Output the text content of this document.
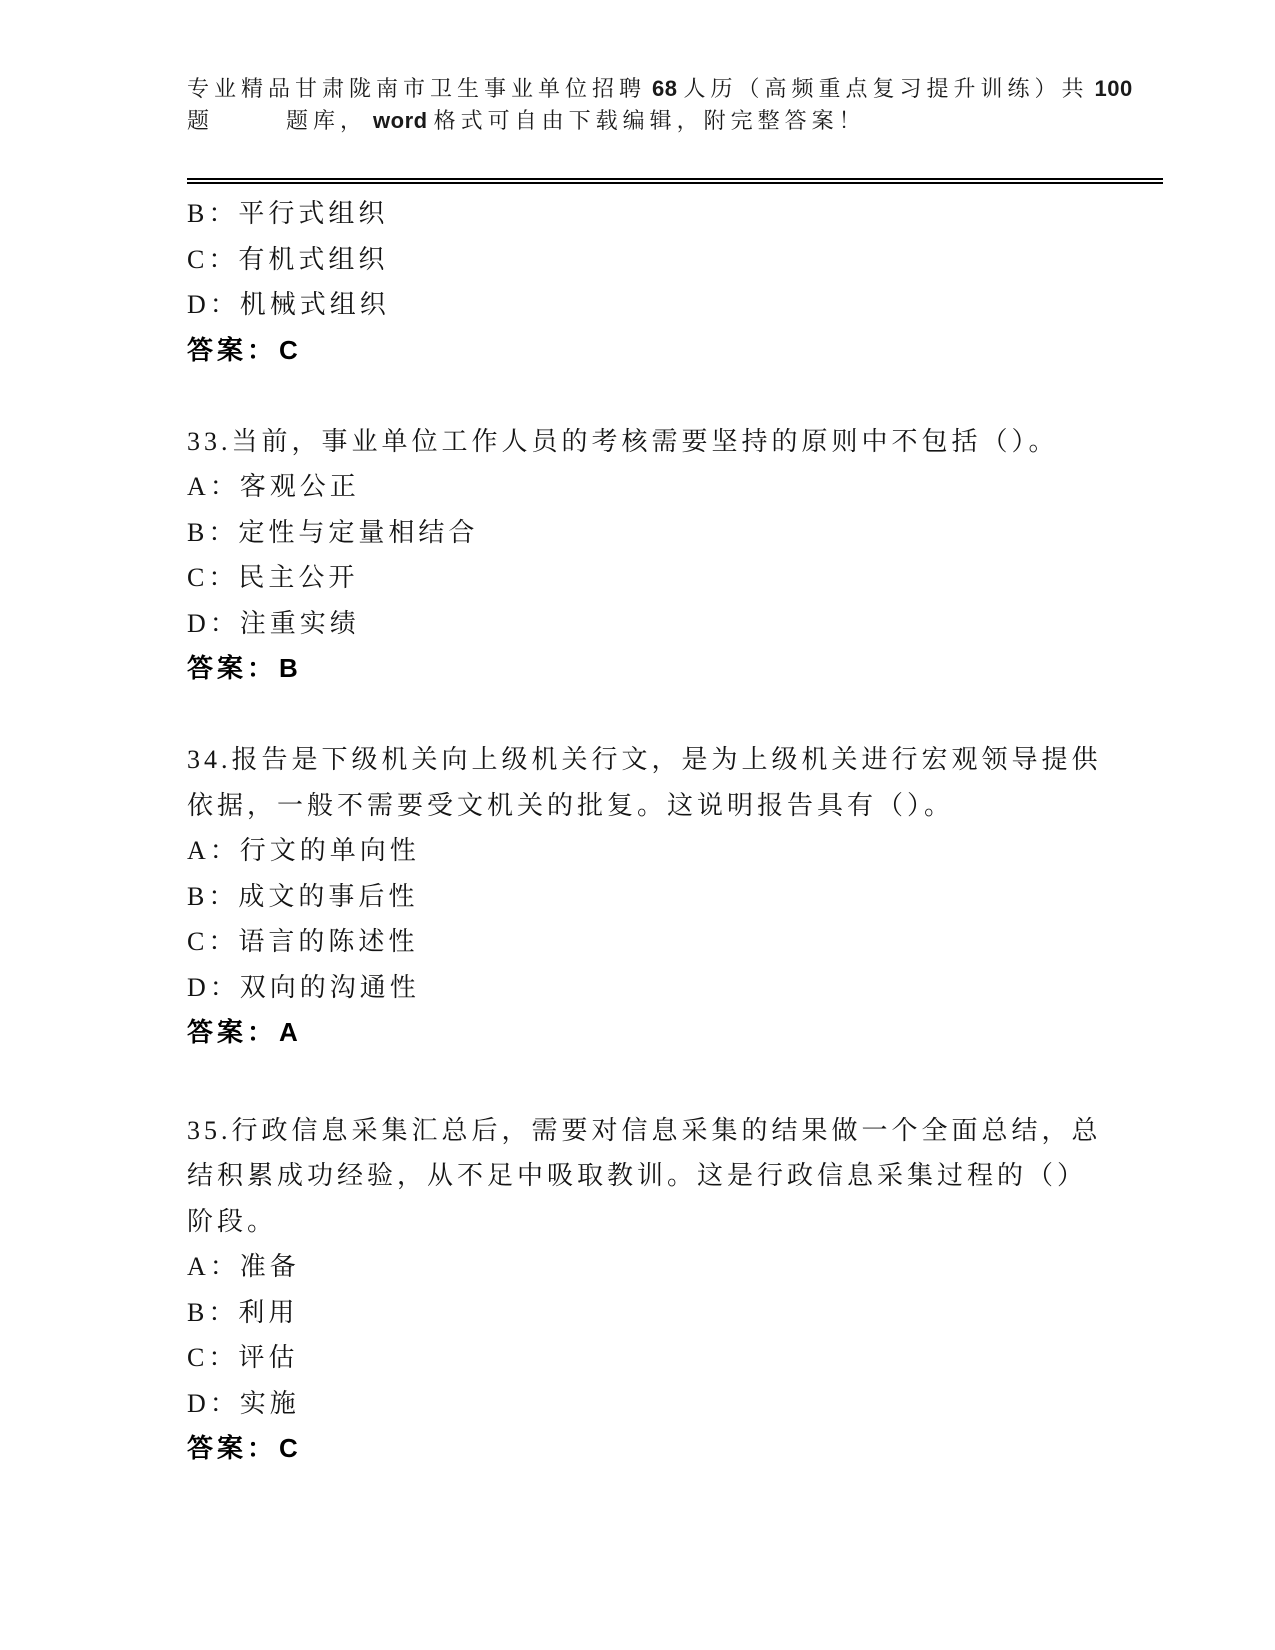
专业精品甘肃陇南市卫生事业单位招聘 68 人历（高频重点复习提升训练）共 100
题	题库， word 格式可自由下载编辑，附完整答案！
B：平行式组织
C：有机式组织
D：机械式组织
答案：C
33.当前，事业单位工作人员的考核需要坚持的原则中不包括（）。
A：客观公正
B：定性与定量相结合
C：民主公开
D：注重实绩
答案：B
34.报告是下级机关向上级机关行文，是为上级机关进行宏观领导提供
依据，一般不需要受文机关的批复。这说明报告具有（）。
A：行文的单向性
B：成文的事后性
C：语言的陈述性
D：双向的沟通性
答案：A
35.行政信息采集汇总后，需要对信息采集的结果做一个全面总结，总
结积累成功经验，从不足中吸取教训。这是行政信息采集过程的（）
阶段。
A：准备
B：利用
C：评估
D：实施
答案：C
